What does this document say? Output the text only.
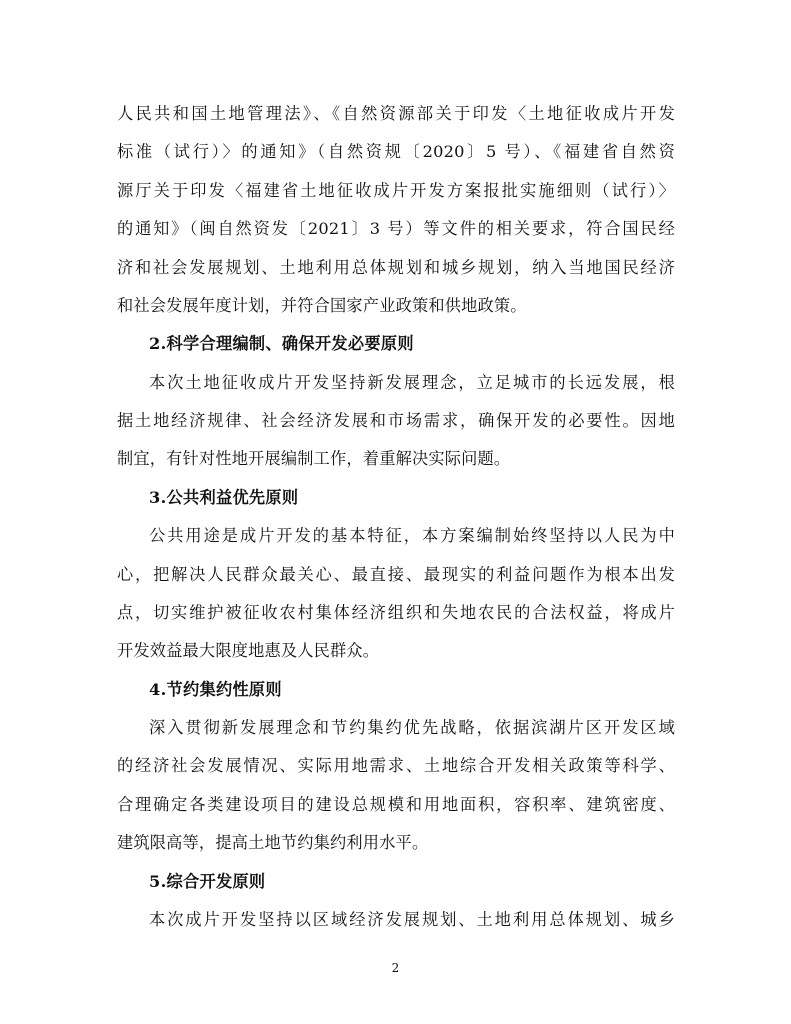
人民共和国土地管理法》、《自然资源部关于印发〈土地征收成片开发
标准（试行）〉的通知》（自然资规〔2020〕5 号）、《福建省自然资
源厅关于印发〈福建省土地征收成片开发方案报批实施细则（试行）〉
的通知》（闽自然资发〔2021〕3 号）等文件的相关要求，符合国民经
济和社会发展规划、土地利用总体规划和城乡规划，纳入当地国民经济
和社会发展年度计划，并符合国家产业政策和供地政策。
2.科学合理编制、确保开发必要原则
本次土地征收成片开发坚持新发展理念，立足城市的长远发展，根
据土地经济规律、社会经济发展和市场需求，确保开发的必要性。因地
制宜，有针对性地开展编制工作，着重解决实际问题。
3.公共利益优先原则
公共用途是成片开发的基本特征，本方案编制始终坚持以人民为中
心，把解决人民群众最关心、最直接、最现实的利益问题作为根本出发
点，切实维护被征收农村集体经济组织和失地农民的合法权益，将成片
开发效益最大限度地惠及人民群众。
4.节约集约性原则
深入贯彻新发展理念和节约集约优先战略，依据滨湖片区开发区域
的经济社会发展情况、实际用地需求、土地综合开发相关政策等科学、
合理确定各类建设项目的建设总规模和用地面积，容积率、建筑密度、
建筑限高等，提高土地节约集约利用水平。
5.综合开发原则
本次成片开发坚持以区域经济发展规划、土地利用总体规划、城乡
2
